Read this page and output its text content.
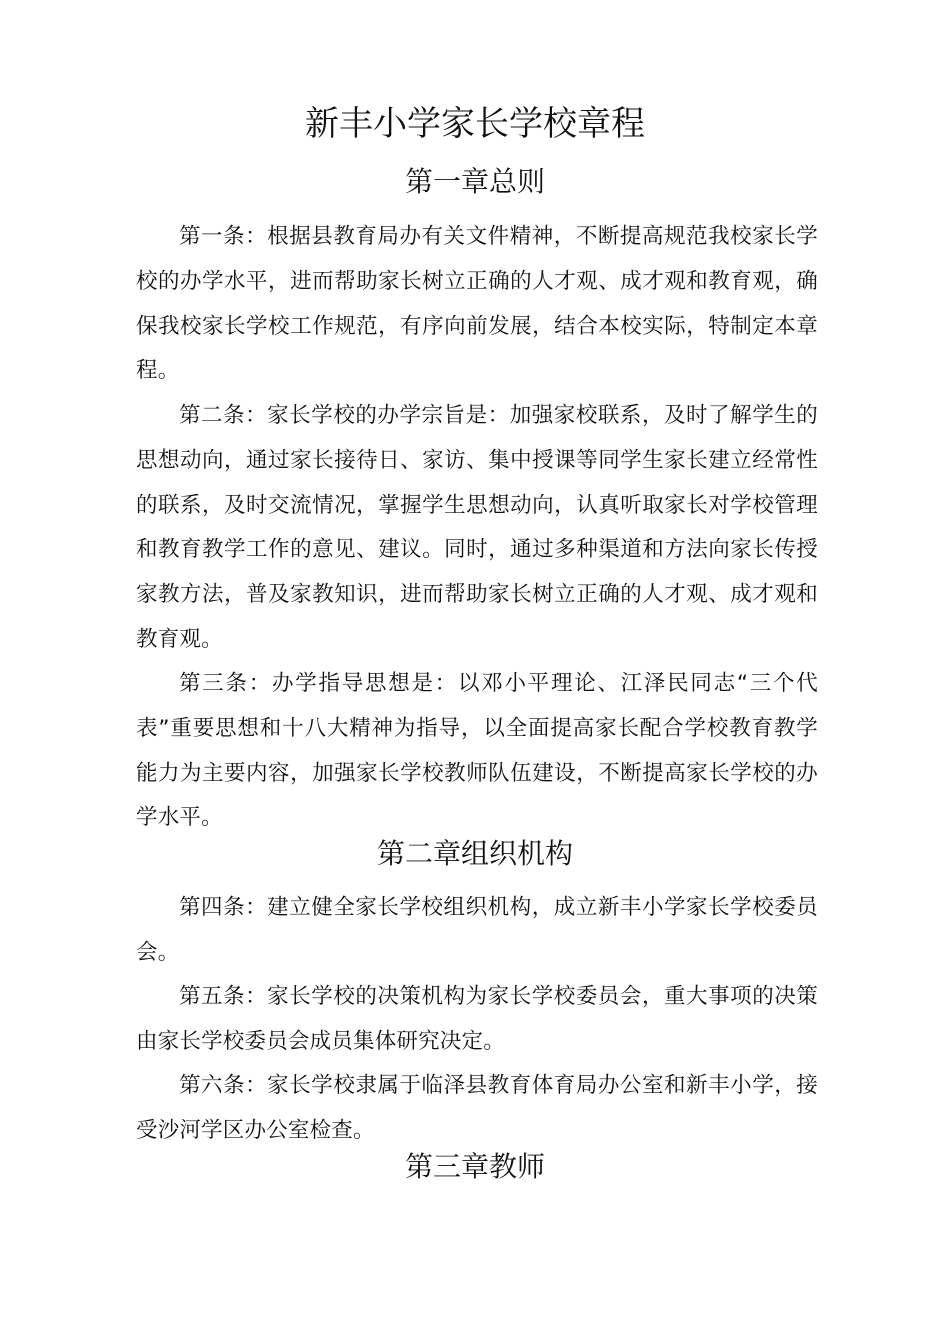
新丰小学家长学校章程
第一章总则

第一条：根据县教育局办有关文件精神，不断提高规范我校家长学校的办学水平，进而帮助家长树立正确的人才观、成才观和教育观，确保我校家长学校工作规范，有序向前发展，结合本校实际，特制定本章程。

第二条：家长学校的办学宗旨是：加强家校联系，及时了解学生的思想动向，通过家长接待日、家访、集中授课等同学生家长建立经常性的联系，及时交流情况，掌握学生思想动向，认真听取家长对学校管理和教育教学工作的意见、建议。同时，通过多种渠道和方法向家长传授家教方法，普及家教知识，进而帮助家长树立正确的人才观、成才观和教育观。

第三条：办学指导思想是：以邓小平理论、江泽民同志“三个代表”重要思想和十八大精神为指导，以全面提高家长配合学校教育教学能力为主要内容，加强家长学校教师队伍建设，不断提高家长学校的办学水平。

第二章组织机构

第四条：建立健全家长学校组织机构，成立新丰小学家长学校委员会。

第五条：家长学校的决策机构为家长学校委员会，重大事项的决策由家长学校委员会成员集体研究决定。

第六条：家长学校隶属于临泽县教育体育局办公室和新丰小学，接受沙河学区办公室检查。

第三章教师
